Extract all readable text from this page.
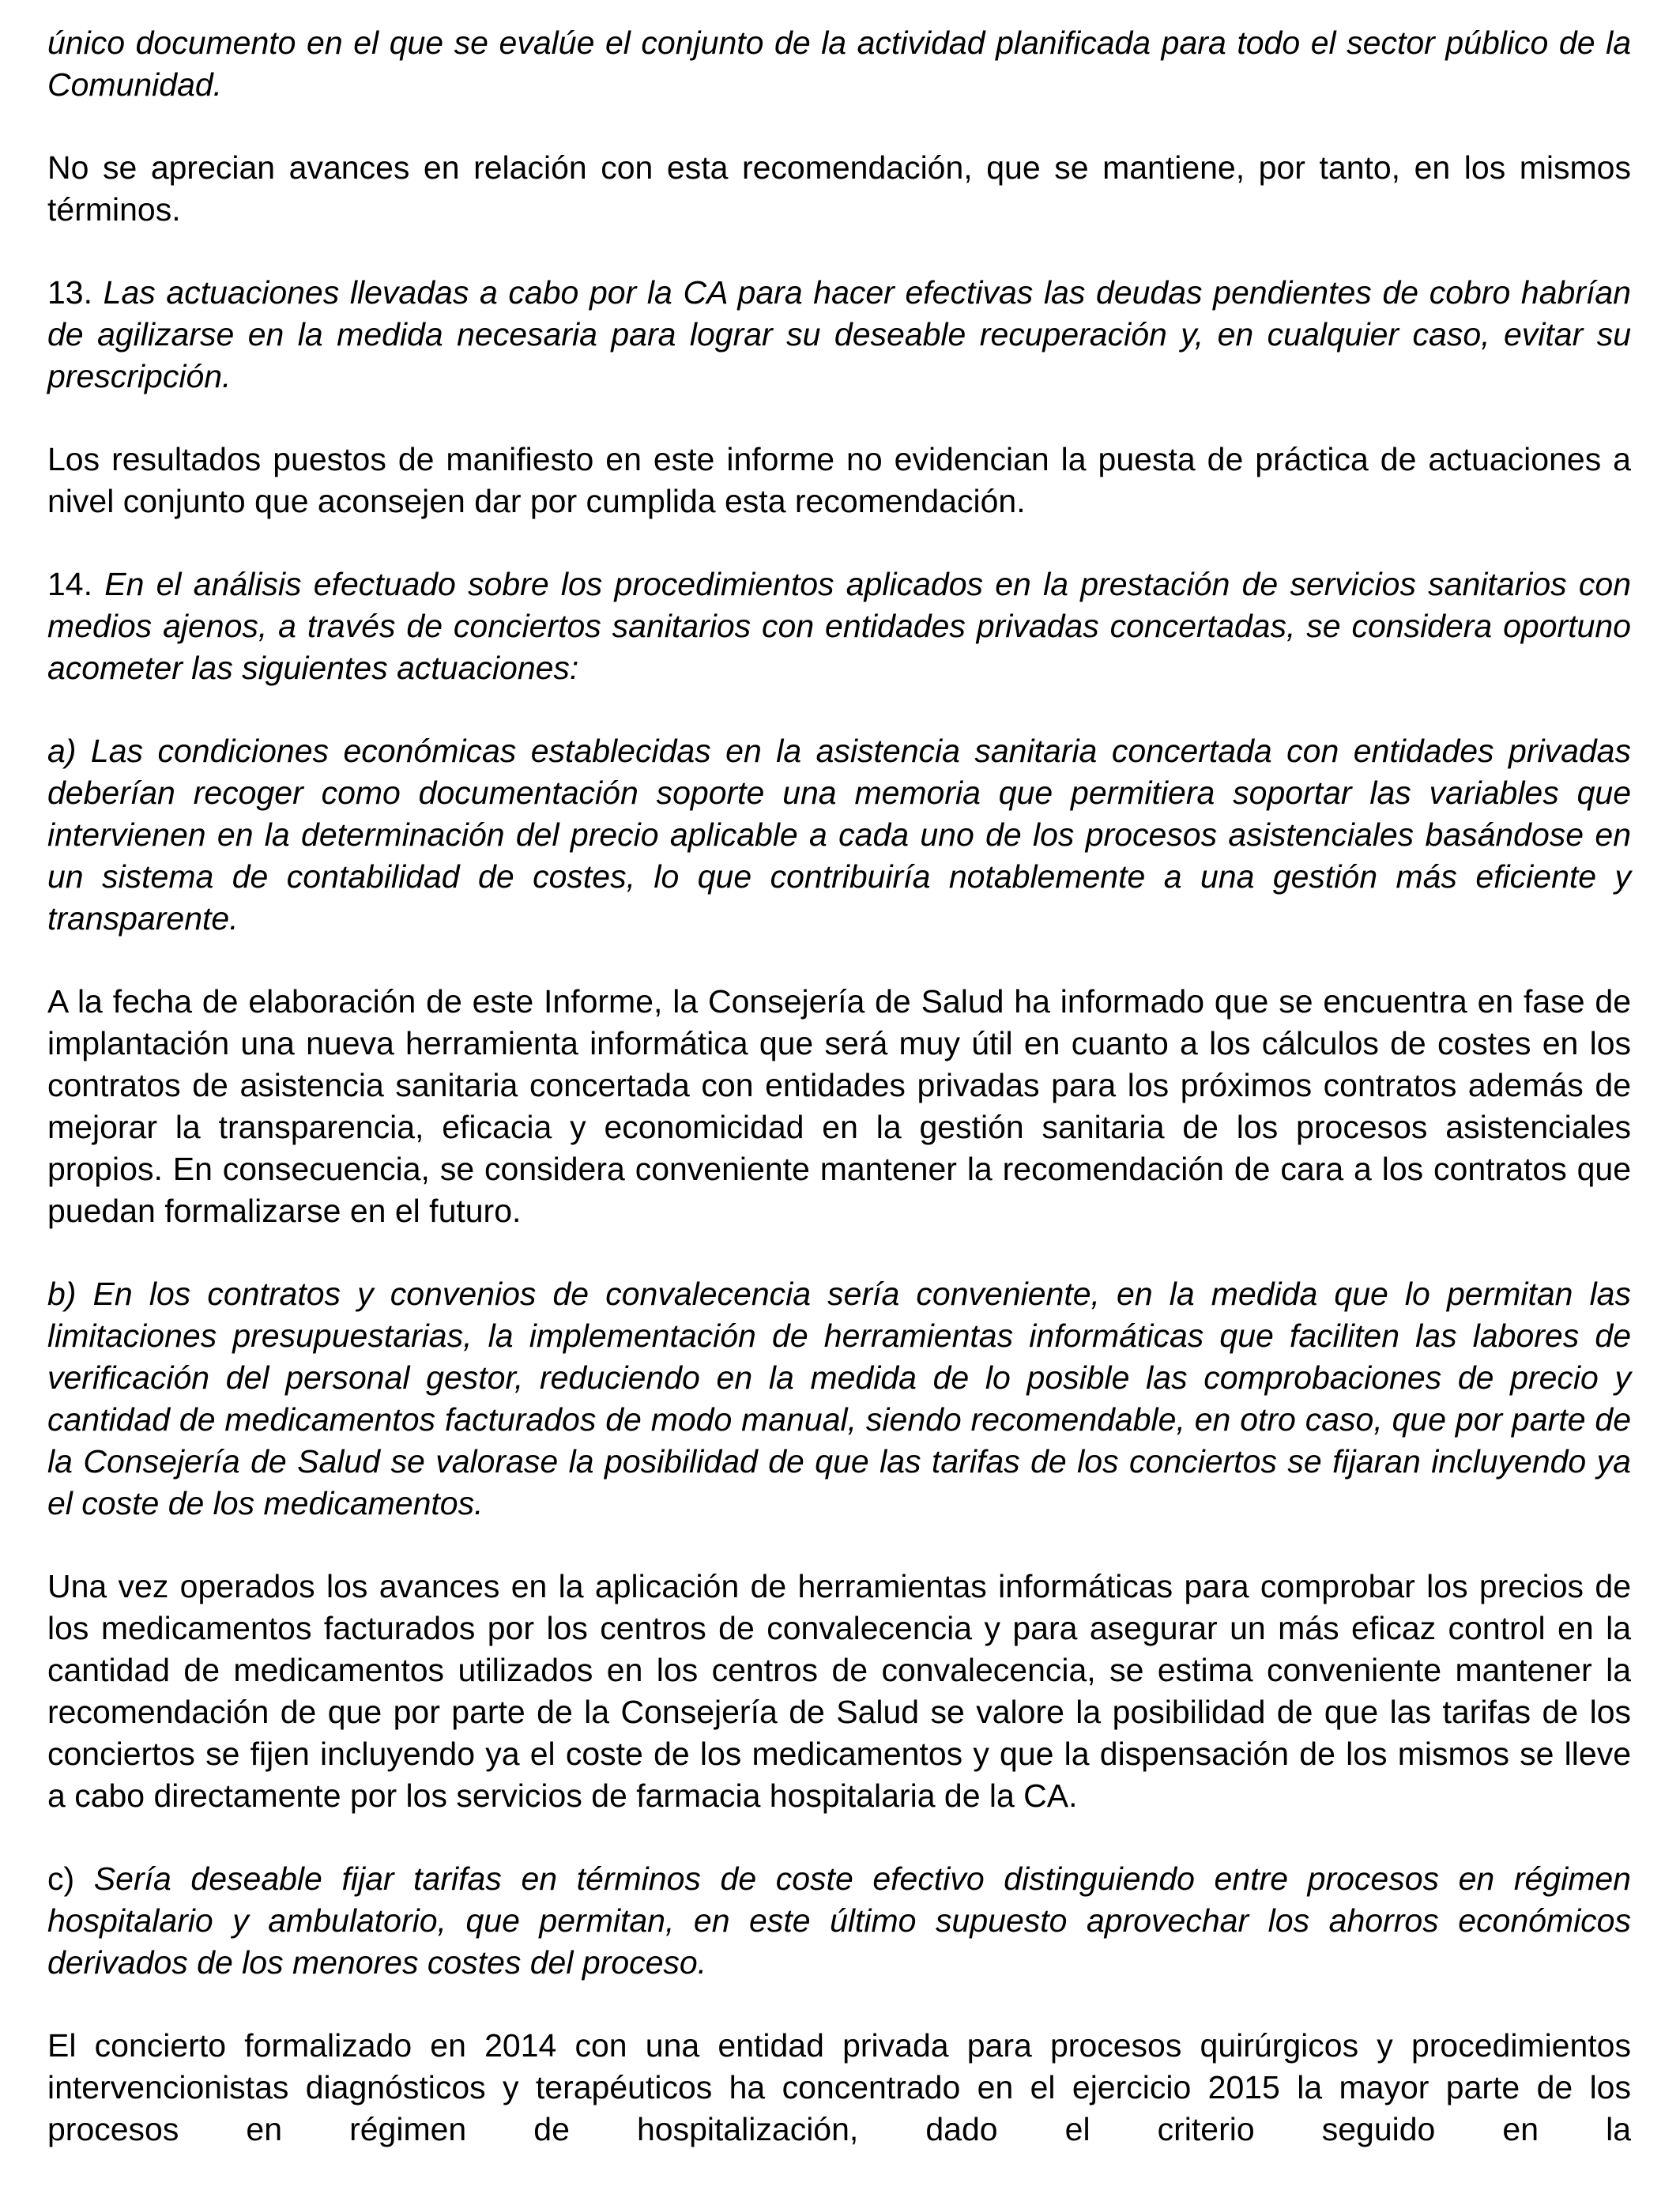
único documento en el que se evalúe el conjunto de la actividad planificada para todo el sector público de la Comunidad.

No se aprecian avances en relación con esta recomendación, que se mantiene, por tanto, en los mismos términos.

13. Las actuaciones llevadas a cabo por la CA para hacer efectivas las deudas pendientes de cobro habrían de agilizarse en la medida necesaria para lograr su deseable recuperación y, en cualquier caso, evitar su prescripción.

Los resultados puestos de manifiesto en este informe no evidencian la puesta de práctica de actuaciones a nivel conjunto que aconsejen dar por cumplida esta recomendación.

14. En el análisis efectuado sobre los procedimientos aplicados en la prestación de servicios sanitarios con medios ajenos, a través de conciertos sanitarios con entidades privadas concertadas, se considera oportuno acometer las siguientes actuaciones:

a) Las condiciones económicas establecidas en la asistencia sanitaria concertada con entidades privadas deberían recoger como documentación soporte una memoria que permitiera soportar las variables que intervienen en la determinación del precio aplicable a cada uno de los procesos asistenciales basándose en un sistema de contabilidad de costes, lo que contribuiría notablemente a una gestión más eficiente y transparente.

A la fecha de elaboración de este Informe, la Consejería de Salud ha informado que se encuentra en fase de implantación una nueva herramienta informática que será muy útil en cuanto a los cálculos de costes en los contratos de asistencia sanitaria concertada con entidades privadas para los próximos contratos además de mejorar la transparencia, eficacia y economicidad en la gestión sanitaria de los procesos asistenciales propios. En consecuencia, se considera conveniente mantener la recomendación de cara a los contratos que puedan formalizarse en el futuro.

b) En los contratos y convenios de convalecencia sería conveniente, en la medida que lo permitan las limitaciones presupuestarias, la implementación de herramientas informáticas que faciliten las labores de verificación del personal gestor, reduciendo en la medida de lo posible las comprobaciones de precio y cantidad de medicamentos facturados de modo manual, siendo recomendable, en otro caso, que por parte de la Consejería de Salud se valorase la posibilidad de que las tarifas de los conciertos se fijaran incluyendo ya el coste de los medicamentos.

Una vez operados los avances en la aplicación de herramientas informáticas para comprobar los precios de los medicamentos facturados por los centros de convalecencia y para asegurar un más eficaz control en la cantidad de medicamentos utilizados en los centros de convalecencia, se estima conveniente mantener la recomendación de que por parte de la Consejería de Salud se valore la posibilidad de que las tarifas de los conciertos se fijen incluyendo ya el coste de los medicamentos y que la dispensación de los mismos se lleve a cabo directamente por los servicios de farmacia hospitalaria de la CA.

c) Sería deseable fijar tarifas en términos de coste efectivo distinguiendo entre procesos en régimen hospitalario y ambulatorio, que permitan, en este último supuesto aprovechar los ahorros económicos derivados de los menores costes del proceso.

El concierto formalizado en 2014 con una entidad privada para procesos quirúrgicos y procedimientos intervencionistas diagnósticos y terapéuticos ha concentrado en el ejercicio 2015 la mayor parte de los procesos en régimen de hospitalización, dado el criterio seguido en la
